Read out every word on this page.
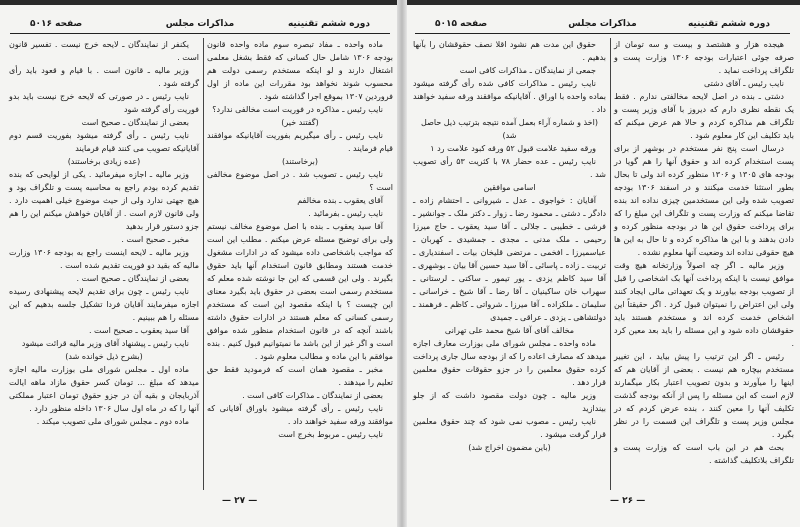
دوره ششم تقنینیه
مذاکرات مجلس
صفحه ۵۰۱۶

ماده واحده ـ مفاد تبصره سوم ماده واحده قانون بودجه ۱۳۰۶ شامل حال کسانی که فقط بشغل معلمی اشتغال دارند و لو اینکه مستخدم رسمی دولت هم محسوب شوند نخواهد بود مقررات این ماده از اول فروردین ۱۳۰۷ بموقع اجرا گذاشته شود .

نایب رئیس ـ مذاکره در فوریت است مخالفی ندارد؟

(گفتند خیر)

نایب رئیس ـ رأی میگیریم بفوریت آقایانیکه موافقند قیام فرمایند .

(برخاستند)

نایب رئیس ـ تصویب شد . در اصل موضوع مخالفی است ؟

آقای یعقوب ـ بنده مخالفم

نایب رئیس ـ بفرمائید .

آقا سید یعقوب ـ بنده با اصل موضوع مخالف نیستم ولی برای توضیح مسئله عرض میکنم . مطلب این است که مواجب باشخاصی داده میشود که در ادارات مشغول خدمت هستند ومطابق قانون استخدام آنها باید حقوق بگیرند . ولی این قسمی که این جا نوشته شده معلم که مستخدم رسمی است بعضی در حقوق باید بگیرد معنای این چیست ؟ با اینکه مقصود این است که مستخدم رسمی کسانی که معلم هستند در ادارات حقوق داشته باشند آنچه که در قانون استخدام منظور شده موافق است و اگر غیر از این باشد ما نمیتوانیم قبول کنیم . بنده موافقم با این ماده و مطالب معلوم شود .

مخبر ـ مقصود همان است که فرمودید فقط حق تعلیم را میدهند .

بعضی از نمایندگان ـ مذاکرات کافی است .

نایب رئیس ـ رأی گرفته میشود باوراق آقایانی که موافقند ورقه سفید خواهند داد .

نایب رئیس ـ مربوط بخرج است

یکنفر از نمایندگان ـ لایحه خرج نیست . تفسیر قانون است .

وزیر مالیه ـ قانون است . با قیام و قعود باید رأی گرفته شود .

نایب رئیس ـ در صورتی که لایحه خرج نیست باید بدو فوریت رأی گرفته شود

بعضی از نمایندگان ـ صحیح است

نایب رئیس ـ رأی گرفته میشود بفوریت قسم دوم آقایانیکه تصویب می کنند قیام فرمایند

(عده زیادی برخاستند)

وزیر مالیه ـ اجازه میفرمائید . یکی از لوایحی که بنده تقدیم کرده بودم راجع به محاسبه پست و تلگراف بود و هیچ جهتی ندارد ولی از حیث موضوع خیلی اهمیت دارد . ولی قانون لازم است . از آقایان خواهش میکنم این را هم جزو دستور قرار بدهید

مخبر ـ صحیح است .

وزیر مالیه ـ لایحه اینست راجع به بودجه ۱۳۰۶ وزارت مالیه که بقید دو فوریت تقدیم شده است .

بعضی از نمایندگان ـ صحیح است .

نایب رئیس ـ چون برای تقدیم لایحه پیشنهادی رسیده اجازه میفرمایند آقایان فردا تشکیل جلسه بدهیم که این مسئله را هم ببینیم .

آقا سید یعقوب ـ صحیح است .

نایب رئیس ـ پیشنهاد آقای وزیر مالیه قرائت میشود

(بشرح ذیل خوانده شد)

ماده اول ـ مجلس شورای ملی بوزارت مالیه اجازه میدهد که مبلغ ... تومان کسر حقوق مازاد ماهه ایالت آذربایجان و بقیه آن در جزو حقوق تومان اعتبار مملکتی آنها را که در ماه اول سال ۱۳۰۶ داخله منظور دارد .

ماده دوم ـ مجلس شورای ملی تصویب میکند .

— ۲۷ —
دوره ششم تقنینیه
مذاکرات مجلس
صفحه ۵۰۱۵

هیجده هزار و هشتصد و بیست و سه تومان از صرفه جوئی اعتبارات بودجه ۱۳۰۶ وزارت پست و تلگراف پرداخت نماید .

نایب رئیس ـ آقای دشتی

دشتی ـ بنده در اصل لایحه مخالفتی ندارم . فقط یک نقطه نظری دارم که دیروز با آقای وزیر پست و تلگراف هم مذاکره کردم و حالا هم عرض میکنم که باید تکلیف این کار معلوم شود .

درسال است پنج نفر مستخدم در بوشهر از برای پست استخدام کرده اند و حقوق آنها را هم گویا در بودجه های ۱۳۰۵ و ۱۳۰۶ منظور کرده اند ولی تا بحال بطور استثنا خدمت میکنند و در اسفند ۱۳۰۶ بودجه تصویب شده ولی این مستخدمین چیزی نداده اند بنده تقاضا میکنم که وزارت پست و تلگراف این مبلغ را که برای پرداخت حقوق این ها در بودجه منظور کرده و دادن بدهند و با این ها مذاکره کرده و تا حال به این ها هیچ حقوقی نداده اند وضعیت آنها معلوم نشده .

وزیر مالیه ـ اگر چه اصولاً وزارتخانه هیچ وقت موافق نیست با اینکه پرداخت آنها بک اشخاصی را قبل از تصویب بودجه بیاورند و یک تعهداتی مالی ایجاد کنند ولی این اعتراض را نمیتوان قبول کرد . اگر حقیقتاً این اشخاص خدمت کرده اند و مستخدم هستند باید حقوقشان داده شود و این مسئله را باید بعد معین کرد .

رئیس ـ اگر این ترتیب را پیش بیاید ، این تغییر مستخدم بیچاره هم نیست . بعضی از آقایان هم که اینها را میآورند و بدون تصویب اعتبار بکار میگمارند لازم است که این مسئله را پس از آنکه بودجه گذشت تکلیف آنها را معین کنند ، بنده عرض کردم که در مجلس وزیر پست و تلگراف این قسمت را در نظر بگیرد .

بحث هم در این باب است که وزارت پست و تلگراف بلاتکلیف گذاشته .

حقوق این مدت هم نشود اقلا نصف حقوقشان را بآنها بدهیم .

جمعی از نمایندگان ـ مذاکرات کافی است

نایب رئیس ـ مذاکرات کافی شده رأی گرفته میشود بماده واحده با اوراق . آقایانیکه موافقند ورقه سفید خواهند داد .

(اخذ و شماره آراء بعمل آمده نتیجه بترتیب ذیل حاصل شد)

ورقه سفید علامت قبول ۵۲ ورقه کبود علامت رد ۱

نایب رئیس ـ عده حضار ۷۸ با کثریت ۵۳ رأی تصویب شد .

اسامی موافقین

آقایان : خواجوی ـ عدل ـ شیروانی ـ احتشام زاده ـ دادگر ـ دشتی ـ محمود رضا ـ زوار ـ دکتر ملک ـ جوانشیر ـ فرشی ـ خطیبی ـ جلالی ـ آقا سید یعقوب ـ حاج میرزا رحیمی ـ ملک مدنی ـ مجدی ـ جمشیدی ـ کهربان ـ عباسمیرزا ـ افخمی ـ مرتضی قلیخان بیات ـ اسفندیاری ـ تربیت ـ زاده ـ پاسائی ـ آقا سید حسین آقا بیان ـ بوشهری ـ آقا سید کاظم یزدی ـ یور تیمور ـ ساکتی ـ لرستانی ـ سهراب خان ساکینیان ـ آقا رضا ـ آقا شیخ ـ خراسانی ـ سلیمان ـ ملکزاده ـ آقا میرزا ـ شرواتی ـ کاظم ـ فرهمند ـ دولتشاهی ـ یزدی ـ عراقی ـ جمیدی

مخالف آقای آقا شیخ محمد علی تهرانی

ماده واحده ـ مجلس شورای ملی بوزارت معارف اجازه میدهد که مصارف اعاده را که از بودجه سال جاری پرداخت کرده حقوق معلمین را در جزو حقوقات حقوق معلمین قرار دهد .

وزیر مالیه ـ چون دولت مقصود داشت که از جلو بیندازید

نایب رئیس ـ مصوب نمی شود که چند حقوق معلمین قرار گرفت میشود .

(باین مضمون اخراج شد)

— ۲۶ —
